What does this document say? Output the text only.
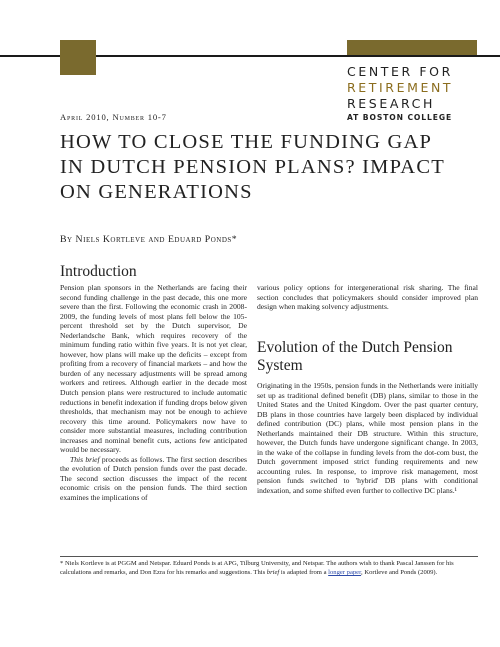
CENTER FOR
RETIREMENT
RESEARCH
AT BOSTON COLLEGE
April 2010, Number 10-7
HOW TO CLOSE THE FUNDING GAP
IN DUTCH PENSION PLANS? IMPACT
ON GENERATIONS
By Niels Kortleve and Eduard Ponds*
Introduction

Pension plan sponsors in the Netherlands are facing their second funding challenge in the past decade, this one more severe than the first. Following the economic crash in 2008-2009, the funding levels of most plans fell below the 105-percent threshold set by the Dutch supervisor, De Nederlandsche Bank, which requires recovery of the minimum funding ratio within five years. It is not yet clear, however, how plans will make up the deficits – except from profiting from a recovery of financial markets – and how the burden of any necessary adjustments will be spread among workers and retirees. Although earlier in the decade most Dutch pension plans were restructured to include automatic reductions in benefit indexation if funding drops below given thresholds, that mechanism may not be enough to achieve recovery this time around. Policymakers now have to consider more substantial measures, including contribution increases and nominal benefit cuts, actions few anticipated would be necessary.

This brief proceeds as follows. The first section describes the evolution of Dutch pension funds over the past decade. The second section discusses the impact of the recent economic crisis on the pension funds. The third section examines the implications of

various policy options for intergenerational risk sharing. The final section concludes that policymakers should consider improved plan design when making solvency adjustments.

Evolution of the Dutch Pension System

Originating in the 1950s, pension funds in the Netherlands were initially set up as traditional defined benefit (DB) plans, similar to those in the United States and the United Kingdom. Over the past quarter century, DB plans in those countries have largely been displaced by individual defined contribution (DC) plans, while most pension plans in the Netherlands maintained their DB structure. Within this structure, however, the Dutch funds have undergone significant change. In 2003, in the wake of the collapse in funding levels from the dot-com bust, the Dutch government imposed strict funding requirements and new accounting rules. In response, to improve risk management, most pension funds switched to 'hybrid' DB plans with conditional indexation, and some shifted even further to collective DC plans.¹

* Niels Kortleve is at PGGM and Netspar. Eduard Ponds is at APG, Tilburg University, and Netspar. The authors wish to thank Pascal Janssen for his calculations and remarks, and Don Ezra for his remarks and suggestions. This brief is adapted from a longer paper, Kortleve and Ponds (2009).
